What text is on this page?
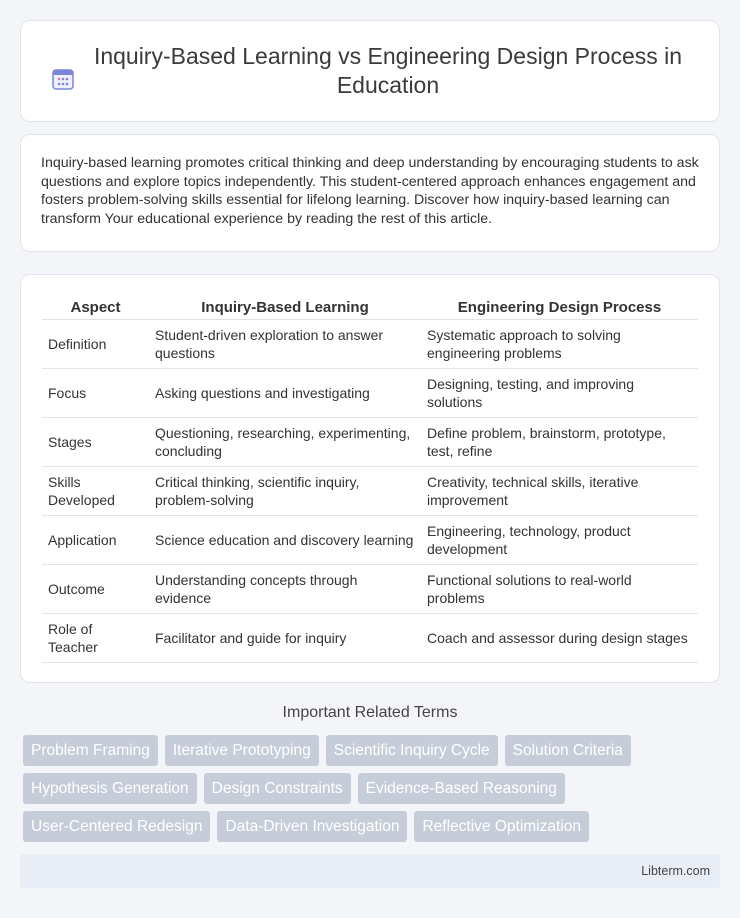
Inquiry-Based Learning vs Engineering Design Process in Education

Inquiry-based learning promotes critical thinking and deep understanding by encouraging students to ask questions and explore topics independently. This student-centered approach enhances engagement and fosters problem-solving skills essential for lifelong learning. Discover how inquiry-based learning can transform Your educational experience by reading the rest of this article.

Aspect	Inquiry-Based Learning	Engineering Design Process
Definition	Student-driven exploration to answer questions	Systematic approach to solving engineering problems
Focus	Asking questions and investigating	Designing, testing, and improving solutions
Stages	Questioning, researching, experimenting, concluding	Define problem, brainstorm, prototype, test, refine
Skills Developed	Critical thinking, scientific inquiry, problem-solving	Creativity, technical skills, iterative improvement
Application	Science education and discovery learning	Engineering, technology, product development
Outcome	Understanding concepts through evidence	Functional solutions to real-world problems
Role of Teacher	Facilitator and guide for inquiry	Coach and assessor during design stages
Important Related Terms
Problem Framing	Iterative Prototyping	Scientific Inquiry Cycle	Solution Criteria
Hypothesis Generation	Design Constraints	Evidence-Based Reasoning
User-Centered Redesign	Data-Driven Investigation	Reflective Optimization
Libterm.com
